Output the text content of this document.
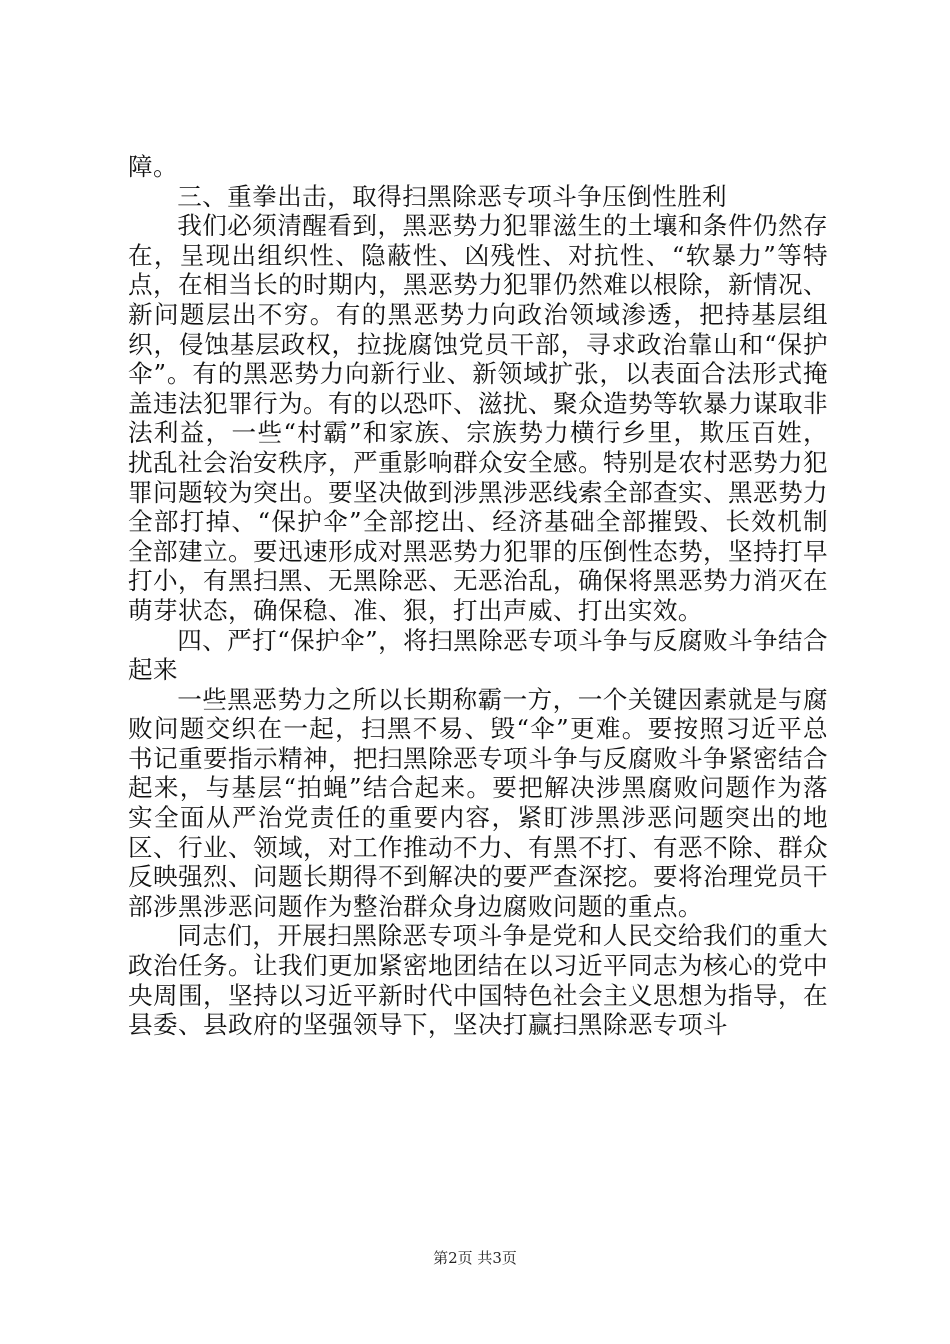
障。

三、重拳出击，取得扫黑除恶专项斗争压倒性胜利

我们必须清醒看到，黑恶势力犯罪滋生的土壤和条件仍然存在，呈现出组织性、隐蔽性、凶残性、对抗性、“软暴力”等特点，在相当长的时期内，黑恶势力犯罪仍然难以根除，新情况、新问题层出不穷。有的黑恶势力向政治领域渗透，把持基层组织，侵蚀基层政权，拉拢腐蚀党员干部，寻求政治靠山和“保护伞”。有的黑恶势力向新行业、新领域扩张，以表面合法形式掩盖违法犯罪行为。有的以恐吓、滋扰、聚众造势等软暴力谋取非法利益，一些“村霸”和家族、宗族势力横行乡里，欺压百姓，扰乱社会治安秩序，严重影响群众安全感。特别是农村恶势力犯罪问题较为突出。要坚决做到涉黑涉恶线索全部查实、黑恶势力全部打掉、“保护伞”全部挖出、经济基础全部摧毁、长效机制全部建立。要迅速形成对黑恶势力犯罪的压倒性态势，坚持打早打小，有黑扫黑、无黑除恶、无恶治乱，确保将黑恶势力消灭在萌芽状态，确保稳、准、狠，打出声威、打出实效。

四、严打“保护伞”，将扫黑除恶专项斗争与反腐败斗争结合起来

一些黑恶势力之所以长期称霸一方，一个关键因素就是与腐败问题交织在一起，扫黑不易、毁“伞”更难。要按照习近平总书记重要指示精神，把扫黑除恶专项斗争与反腐败斗争紧密结合起来，与基层“拍蝇”结合起来。要把解决涉黑腐败问题作为落实全面从严治党责任的重要内容，紧盯涉黑涉恶问题突出的地区、行业、领域，对工作推动不力、有黑不打、有恶不除、群众反映强烈、问题长期得不到解决的要严查深挖。要将治理党员干部涉黑涉恶问题作为整治群众身边腐败问题的重点。

同志们，开展扫黑除恶专项斗争是党和人民交给我们的重大政治任务。让我们更加紧密地团结在以习近平同志为核心的党中央周围，坚持以习近平新时代中国特色社会主义思想为指导，在县委、县政府的坚强领导下，坚决打赢扫黑除恶专项斗

第2页 共3页
